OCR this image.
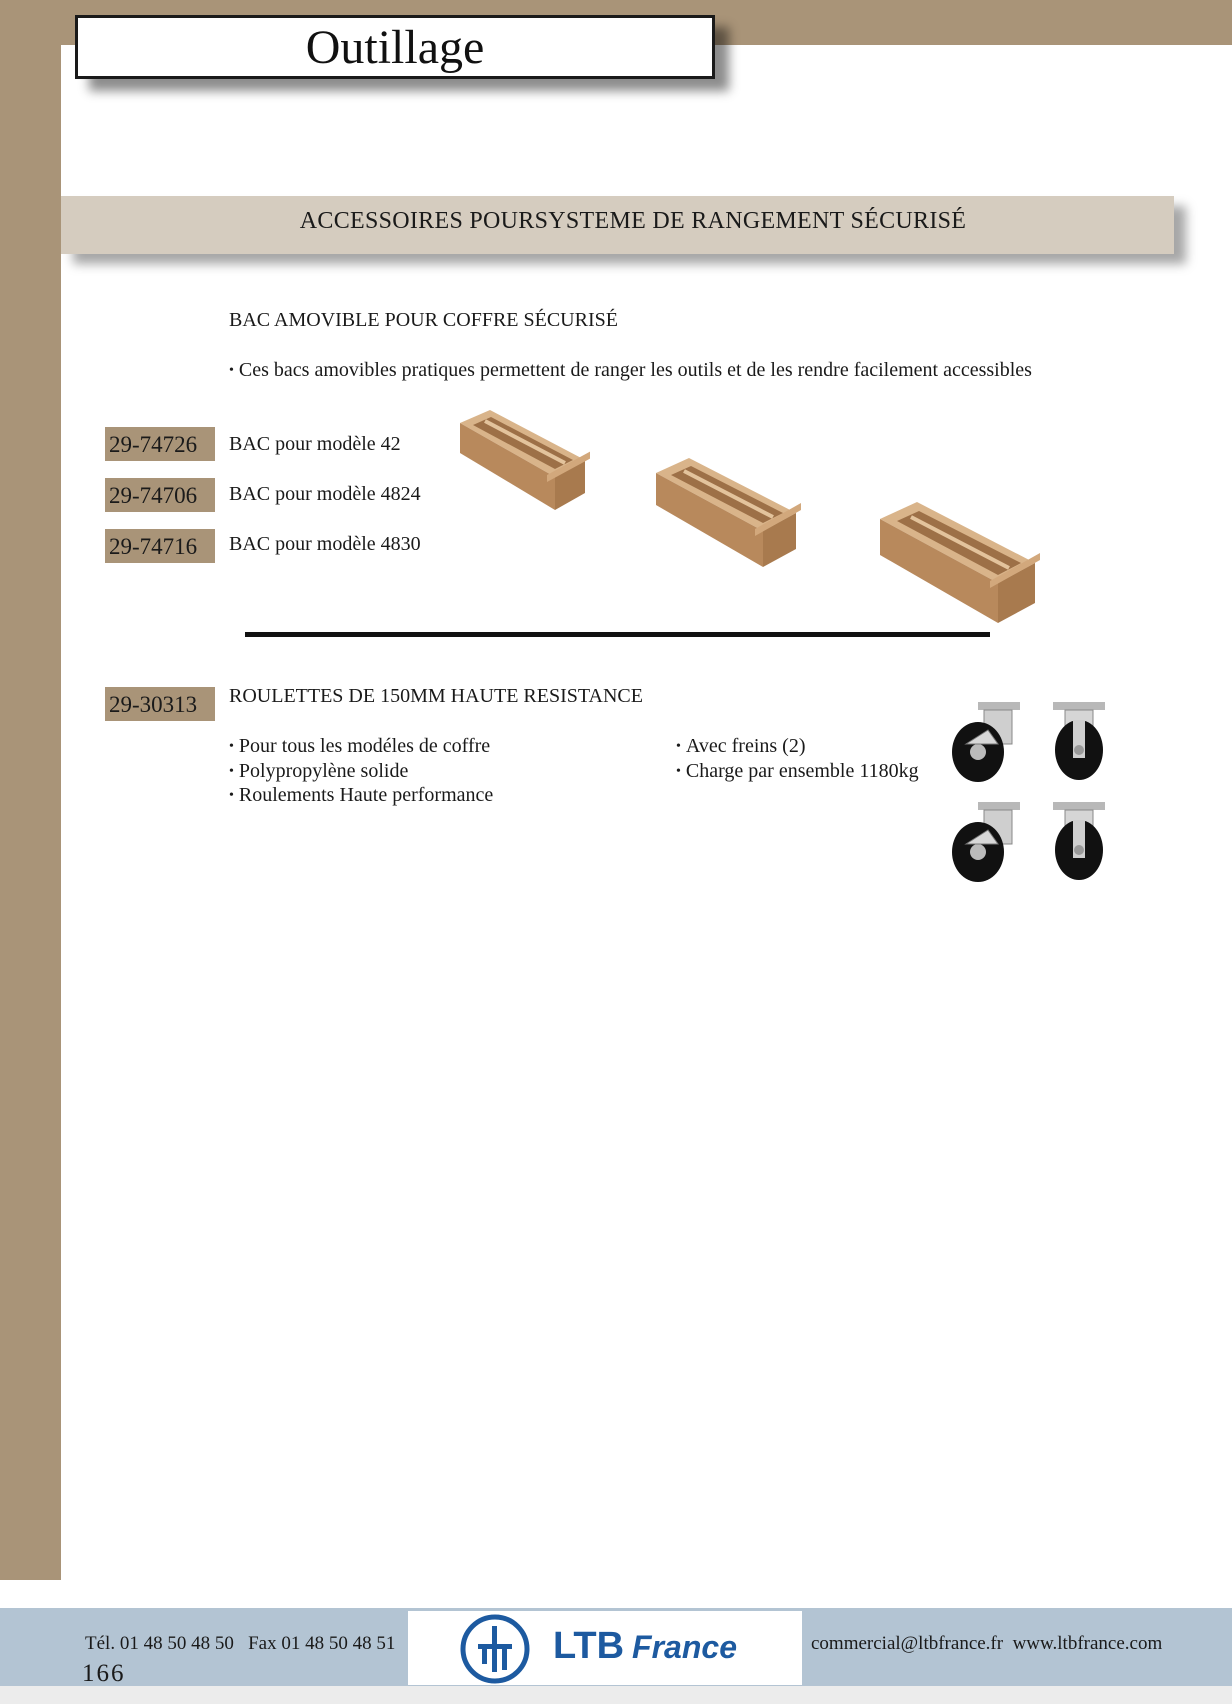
Outillage
ACCESSOIRES POURSYSTEME DE RANGEMENT SÉCURISÉ
BAC AMOVIBLE POUR COFFRE SÉCURISÉ
• Ces bacs amovibles pratiques permettent de ranger les outils et de les rendre facilement accessibles
29-74726	BAC pour modèle 42
29-74706	BAC pour modèle 4824
29-74716	BAC pour modèle 4830
29-30313	ROULETTES DE 150MM HAUTE RESISTANCE
• Pour tous les modéles de coffre
• Polypropylène solide
• Roulements Haute performance
• Avec freins (2)
• Charge par ensemble 1180kg
Tél. 01 48 50 48 50   Fax 01 48 50 48 51
166
LTB France	commercial@ltbfrance.fr  www.ltbfrance.com
